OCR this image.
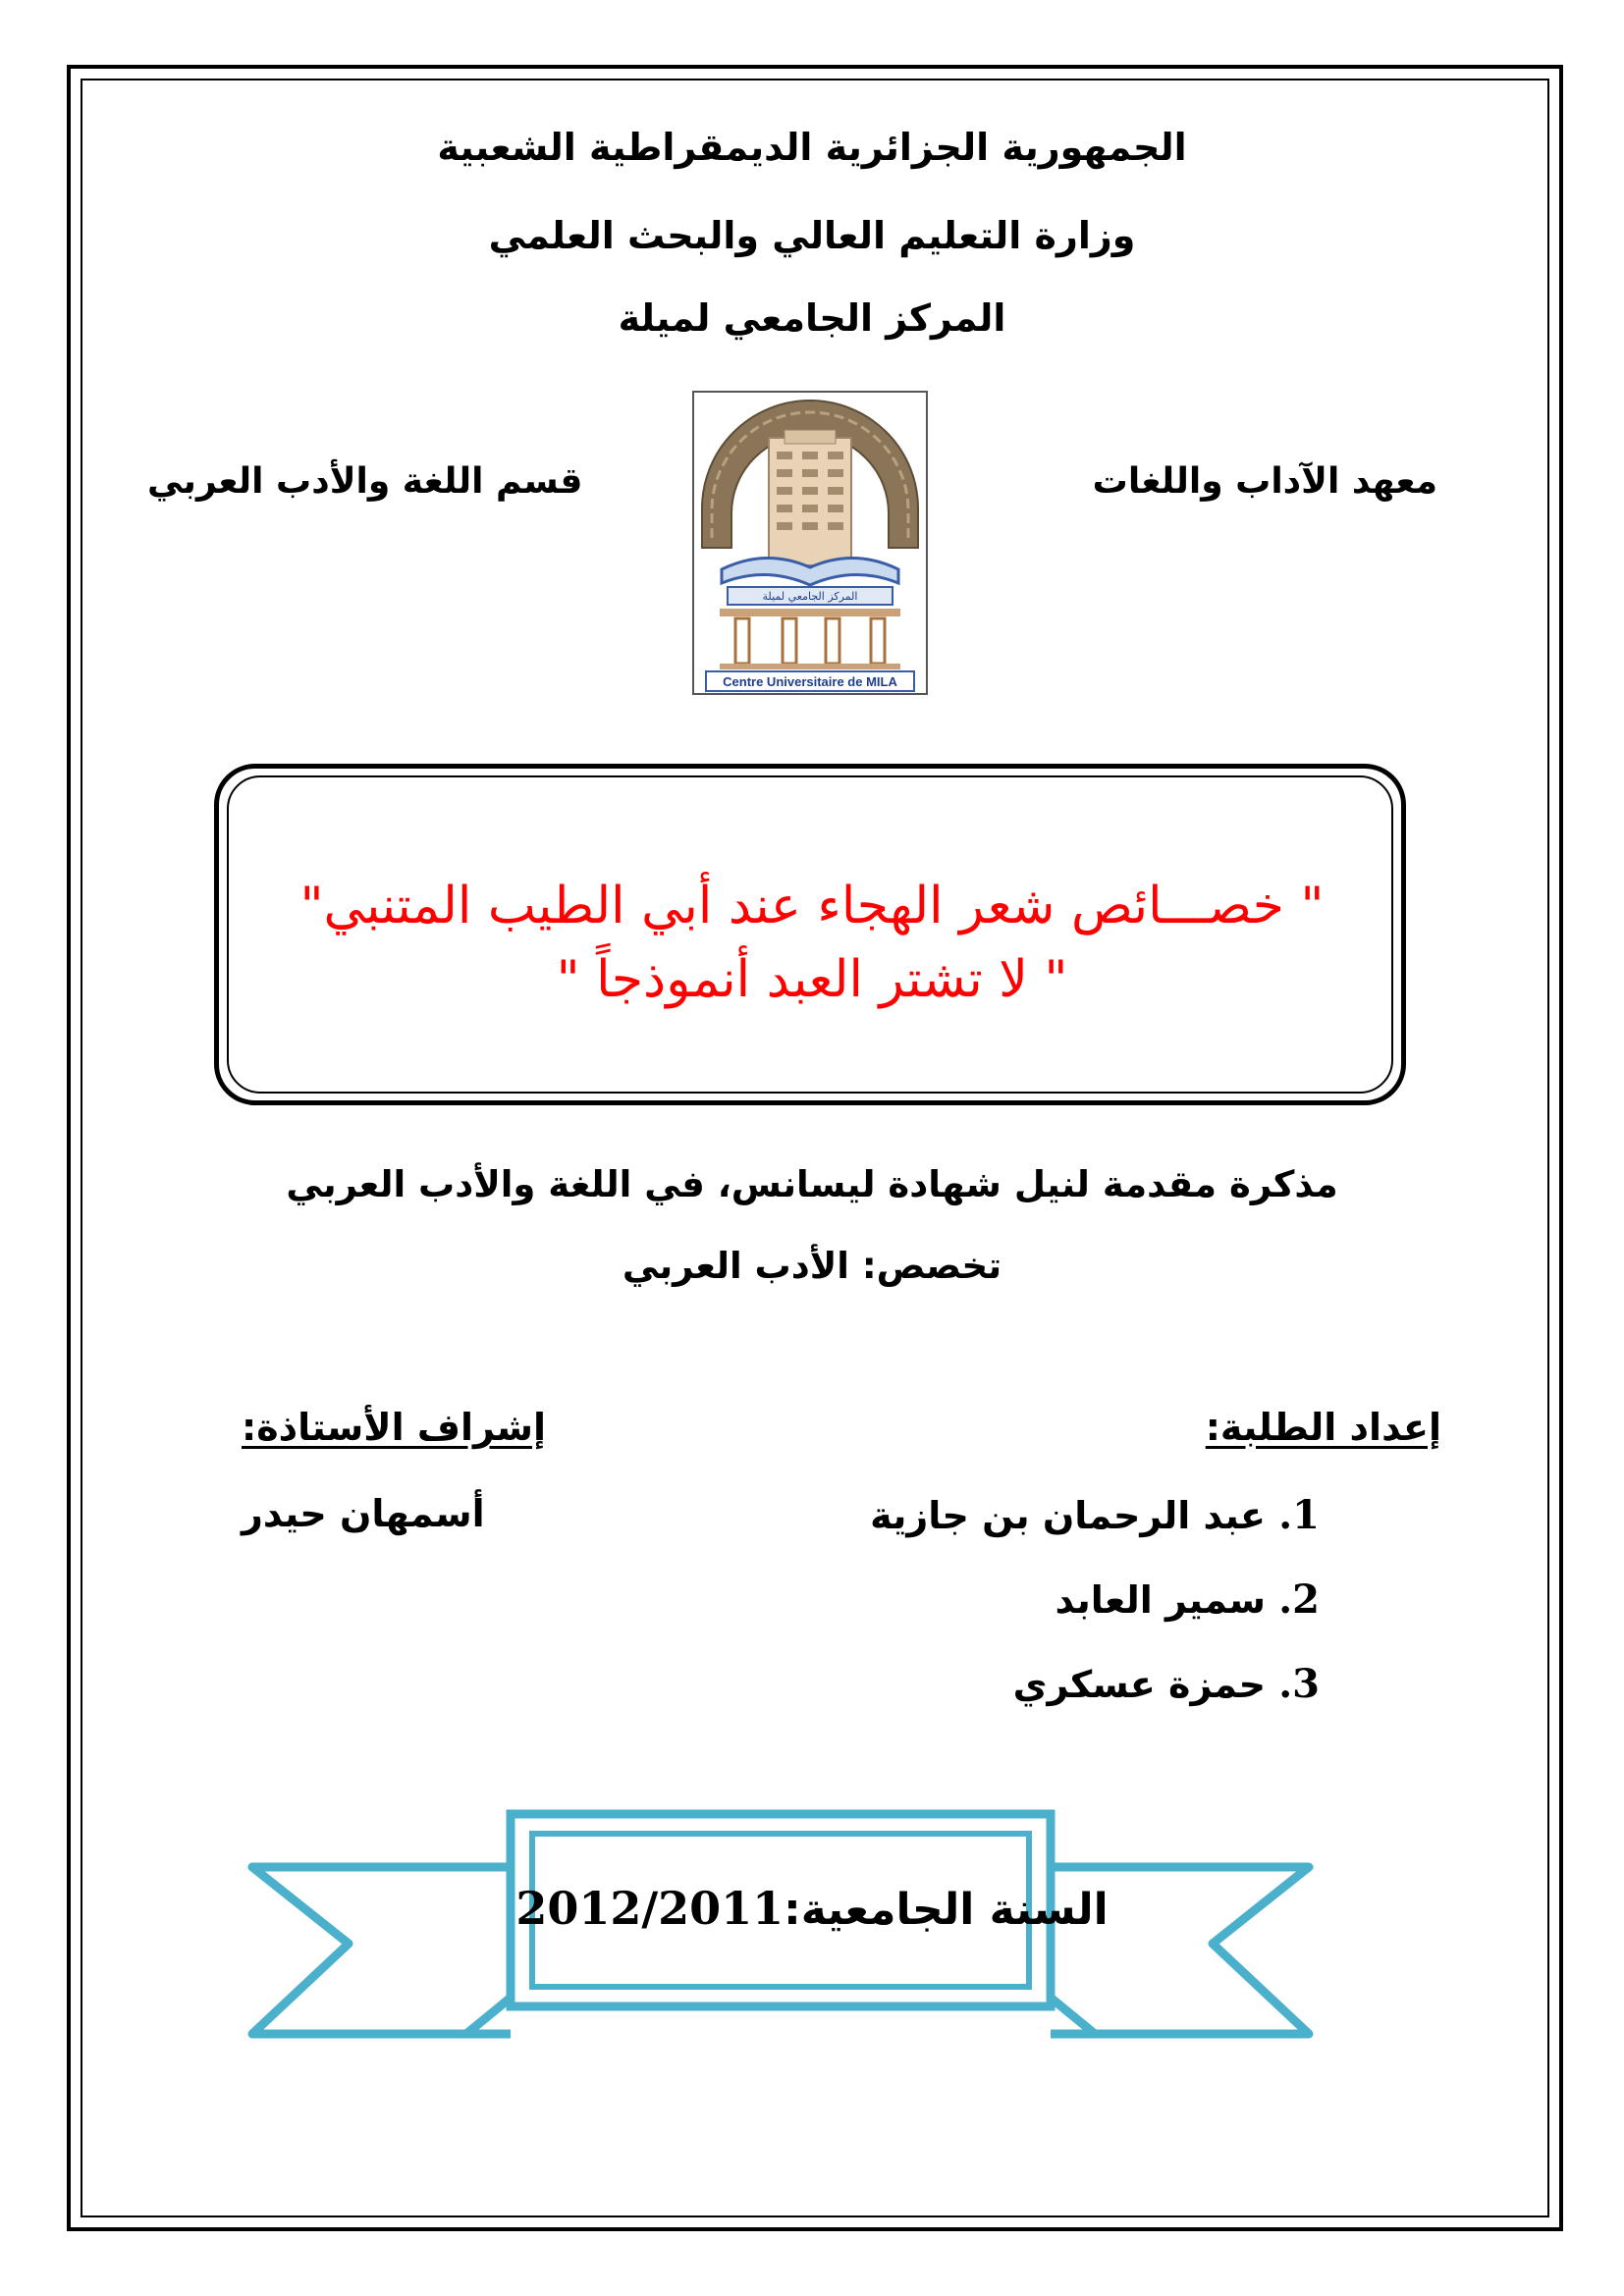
الجمهورية الجزائرية الديمقراطية الشعبية
وزارة التعليم العالي والبحث العلمي
المركز الجامعي لميلة
معهد الآداب واللغات
قسم اللغة والأدب العربي
المركز الجامعي لميلة
Centre Universitaire de MILA
" خصـــائص شعر الهجاء عند أبي الطيب المتنبي"
" لا تشتر العبد أنموذجاً "
مذكرة مقدمة لنيل شهادة ليسانس، في اللغة والأدب العربي
تخصص: الأدب العربي
إعداد الطلبة:
إشراف الأستاذة:
1. عبد الرحمان بن جازية
أسمهان حيدر
2. سمير العابد
3. حمزة عسكري
السنة الجامعية:2012/2011
